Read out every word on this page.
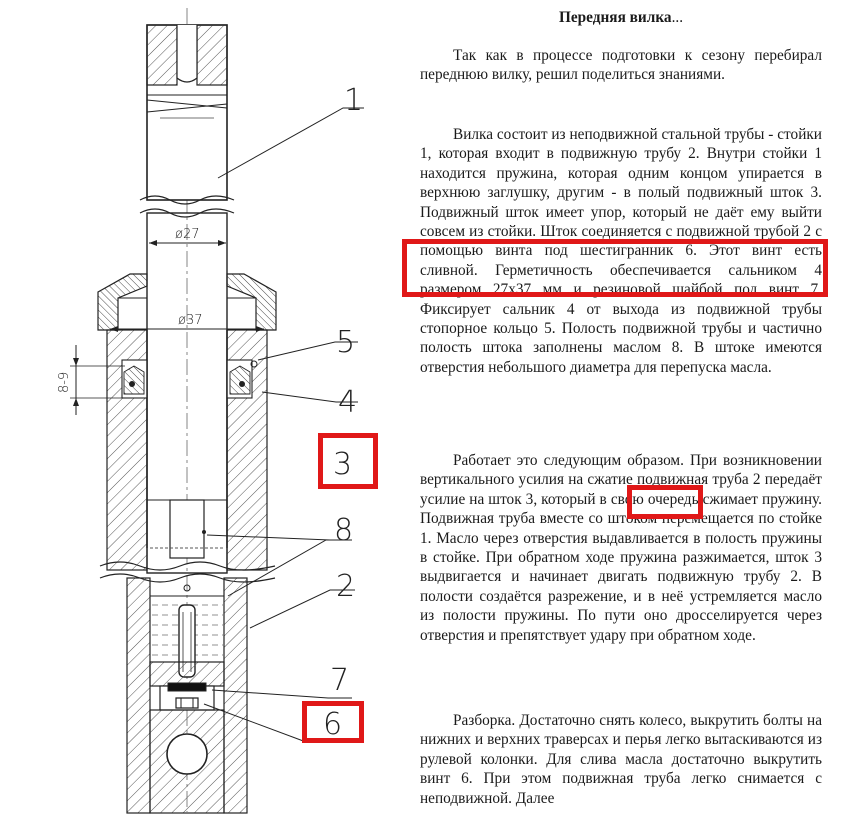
ø27
ø37
8-9
1
2
3
4
5
6
7
8
Передняя вилка...

Так как в процессе подготовки к сезону перебирал переднюю вилку, решил поделиться знаниями.

Вилка состоит из неподвижной стальной трубы - стойки 1, которая входит в подвижную трубу 2. Внутри стойки 1 находится пружина, которая одним концом упирается в верхнюю заглушку, другим - в полый подвижный шток 3. Подвижный шток имеет упор, который не даёт ему выйти совсем из стойки. Шток соединяется с подвижной трубой 2 с помощью винта под шестигранник 6. Этот винт есть сливной. Герметичность обеспечивается сальником 4 размером 27х37 мм и резиновой шайбой под винт 7. Фиксирует сальник 4 от выхода из подвижной трубы стопорное кольцо 5. Полость подвижной трубы и частично полость штока заполнены маслом 8. В штоке имеются отверстия небольшого диаметра для перепуска масла.

Работает это следующим образом. При возникновении вертикального усилия на сжатие подвижная труба 2 передаёт усилие на шток 3, который в свою очередь сжимает пружину. Подвижная труба вместе со штоком перемещается по стойке 1. Масло через отверстия выдавливается в полость пружины в стойке. При обратном ходе пружина разжимается, шток 3 выдвигается и начинает двигать подвижную трубу 2. В полости создаётся разрежение, и в неё устремляется масло из полости пружины. По пути оно дросселируется через отверстия и препятствует удару при обратном ходе.

Разборка. Достаточно снять колесо, выкрутить болты на нижних и верхних траверсах и перья легко вытаскиваются из рулевой колонки. Для слива масла достаточно выкрутить винт 6. При этом подвижная труба легко снимается с неподвижной. Далее
